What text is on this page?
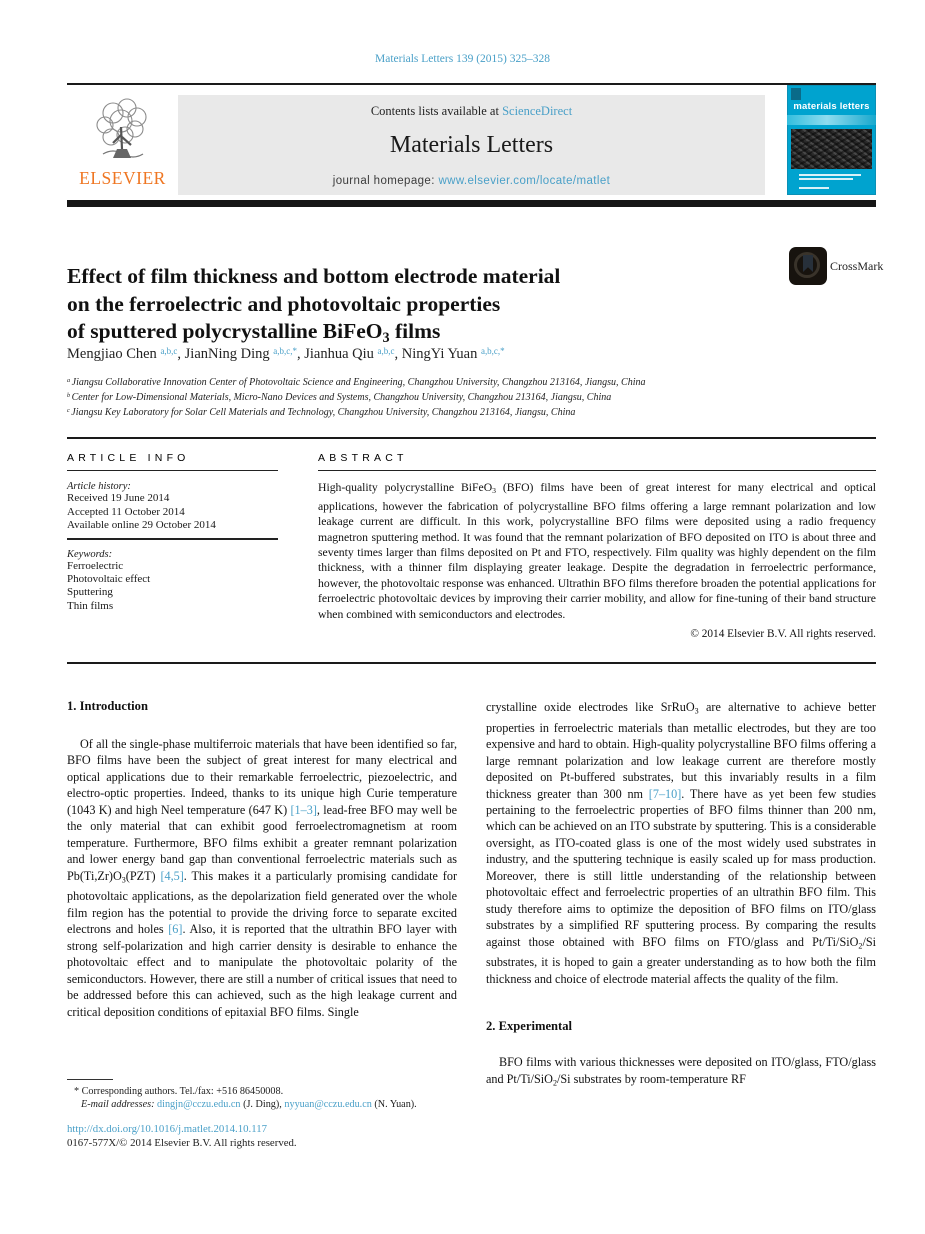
Materials Letters 139 (2015) 325–328
ELSEVIER
Contents lists available at ScienceDirect
Materials Letters
journal homepage: www.elsevier.com/locate/matlet
materials letters
Effect of film thickness and bottom electrode material
on the ferroelectric and photovoltaic properties
of sputtered polycrystalline BiFeO3 films
CrossMark
Mengjiao Chen $^{a,b,c}$, JianNing Ding $^{a,b,c,*}$, Jianhua Qiu $^{a,b,c}$, NingYi Yuan $^{a,b,c,*}$
$^a$ Jiangsu Collaborative Innovation Center of Photovoltaic Science and Engineering, Changzhou University, Changzhou 213164, Jiangsu, China
$^b$ Center for Low-Dimensional Materials, Micro-Nano Devices and Systems, Changzhou University, Changzhou 213164, Jiangsu, China
$^c$ Jiangsu Key Laboratory for Solar Cell Materials and Technology, Changzhou University, Changzhou 213164, Jiangsu, China
ARTICLE INFO
Article history:
Received 19 June 2014
Accepted 11 October 2014
Available online 29 October 2014
Keywords:
Ferroelectric
Photovoltaic effect
Sputtering
Thin films
ABSTRACT
High-quality polycrystalline BiFeO3 (BFO) films have been of great interest for many electrical and optical applications, however the fabrication of polycrystalline BFO films offering a large remnant polarization and low leakage current are difficult. In this work, polycrystalline BFO films were deposited using a radio frequency magnetron sputtering method. It was found that the remnant polarization of BFO deposited on ITO is about three and seventy times larger than films deposited on Pt and FTO, respectively. Film quality was highly dependent on the film thickness, with a thinner film displaying greater leakage. Despite the degradation in ferroelectric performance, however, the photovoltaic response was enhanced. Ultrathin BFO films therefore broaden the potential applications for ferroelectric photovoltaic devices by improving their carrier mobility, and allow for fine-tuning of their band structure when combined with semiconductors and electrodes.
© 2014 Elsevier B.V. All rights reserved.
1. Introduction

Of all the single-phase multiferroic materials that have been identified so far, BFO films have been the subject of great interest for many electrical and optical applications due to their remarkable ferroelectric, piezoelectric, and electro-optic properties. Indeed, thanks to its unique high Curie temperature (1043 K) and high Neel temperature (647 K) [1–3], lead-free BFO may well be the only material that can exhibit good ferroelectromagnetism at room temperature. Furthermore, BFO films exhibit a greater remnant polarization and lower energy band gap than conventional ferroelectric materials such as Pb(Ti,Zr)O3(PZT) [4,5]. This makes it a particularly promising candidate for photovoltaic applications, as the depolarization field generated over the whole film region has the potential to provide the driving force to separate excited electrons and holes [6]. Also, it is reported that the ultrathin BFO layer with strong self-polarization and high carrier density is desirable to enhance the photovoltaic effect and to manipulate the photovoltaic polarity of the semiconductors. However, there are still a number of critical issues that need to be addressed before this can achieved, such as the high leakage current and critical deposition conditions of epitaxial BFO films. Single

crystalline oxide electrodes like SrRuO3 are alternative to achieve better properties in ferroelectric materials than metallic electrodes, but they are too expensive and hard to obtain. High-quality polycrystalline BFO films offering a large remnant polarization and low leakage current are therefore mostly deposited on Pt-buffered substrates, but this invariably results in a film thickness greater than 300 nm [7–10]. There have as yet been few studies pertaining to the ferroelectric properties of BFO films thinner than 200 nm, which can be achieved on an ITO substrate by sputtering. This is a considerable oversight, as ITO-coated glass is one of the most widely used substrates in industry, and the sputtering technique is easily scaled up for mass production. Moreover, there is still little understanding of the relationship between photovoltaic effect and ferroelectric properties of an ultrathin BFO film. This study therefore aims to optimize the deposition of BFO films on ITO/glass substrates by a simplified RF sputtering process. By comparing the results against those obtained with BFO films on FTO/glass and Pt/Ti/SiO2/Si substrates, it is hoped to gain a greater understanding as to how both the film thickness and choice of electrode material affects the quality of the film.

2. Experimental

BFO films with various thicknesses were deposited on ITO/glass, FTO/glass and Pt/Ti/SiO2/Si substrates by room-temperature RF

* Corresponding authors. Tel./fax: +516 86450008.
E-mail addresses: dingjn@cczu.edu.cn (J. Ding), nyyuan@cczu.edu.cn (N. Yuan).
http://dx.doi.org/10.1016/j.matlet.2014.10.117
0167-577X/© 2014 Elsevier B.V. All rights reserved.
